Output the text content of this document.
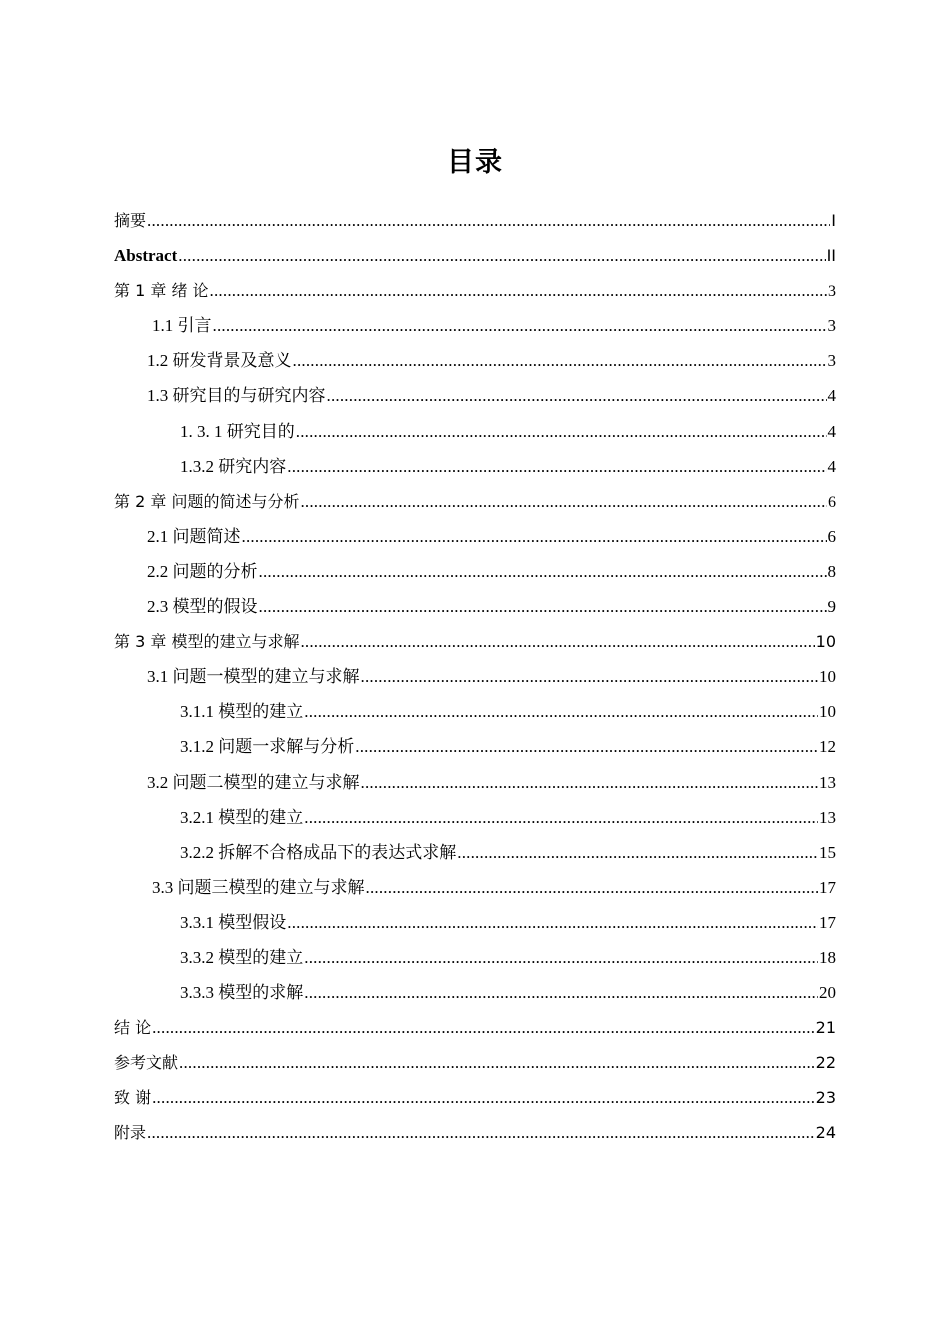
目录
摘要 .....	I
Abstract .....	II
第 1 章 绪 论 .....	3
1.1 引言 .....	3
1.2 研发背景及意义 .....	3
1.3 研究目的与研究内容 .....	4
1. 3. 1 研究目的 .....	4
1.3.2 研究内容 .....	4
第 2 章 问题的简述与分析 .....	6
2.1 问题简述 .....	6
2.2 问题的分析 .....	8
2.3 模型的假设 .....	9
第 3 章 模型的建立与求解 .....	10
3.1 问题一模型的建立与求解 .....	10
3.1.1 模型的建立 .....	10
3.1.2 问题一求解与分析 .....	12
3.2 问题二模型的建立与求解 .....	13
3.2.1 模型的建立 .....	13
3.2.2 拆解不合格成品下的表达式求解 .....	15
3.3 问题三模型的建立与求解 .....	17
3.3.1 模型假设 .....	17
3.3.2 模型的建立 .....	18
3.3.3 模型的求解 .....	20
结 论 .....	21
参考文献 .....	22
致 谢 .....	23
附录 .....	24
